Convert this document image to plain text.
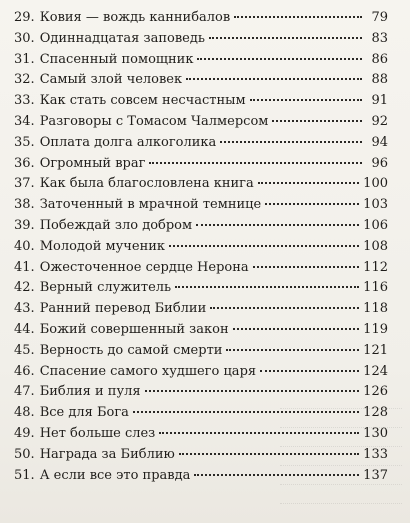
29. Ковия — вождь каннибалов	79
30. Одиннадцатая заповедь	83
31. Спасенный помощник	86
32. Самый злой человек	88
33. Как стать совсем несчастным	91
34. Разговоры с Томасом Чалмерсом	92
35. Оплата долга алкоголика	94
36. Огромный враг	96
37. Как была благословлена книга	100
38. Заточенный в мрачной темнице	103
39. Побеждай зло добром	106
40. Молодой мученик	108
41. Ожесточенное сердце Нерона	112
42. Верный служитель	116
43. Ранний перевод Библии	118
44. Божий совершенный закон	119
45. Верность до самой смерти	121
46. Спасение самого худшего царя	124
47. Библия и пуля	126
48. Все для Бога	128
49. Нет больше слез	130
50. Награда за Библию	133
51. А если все это правда	137
